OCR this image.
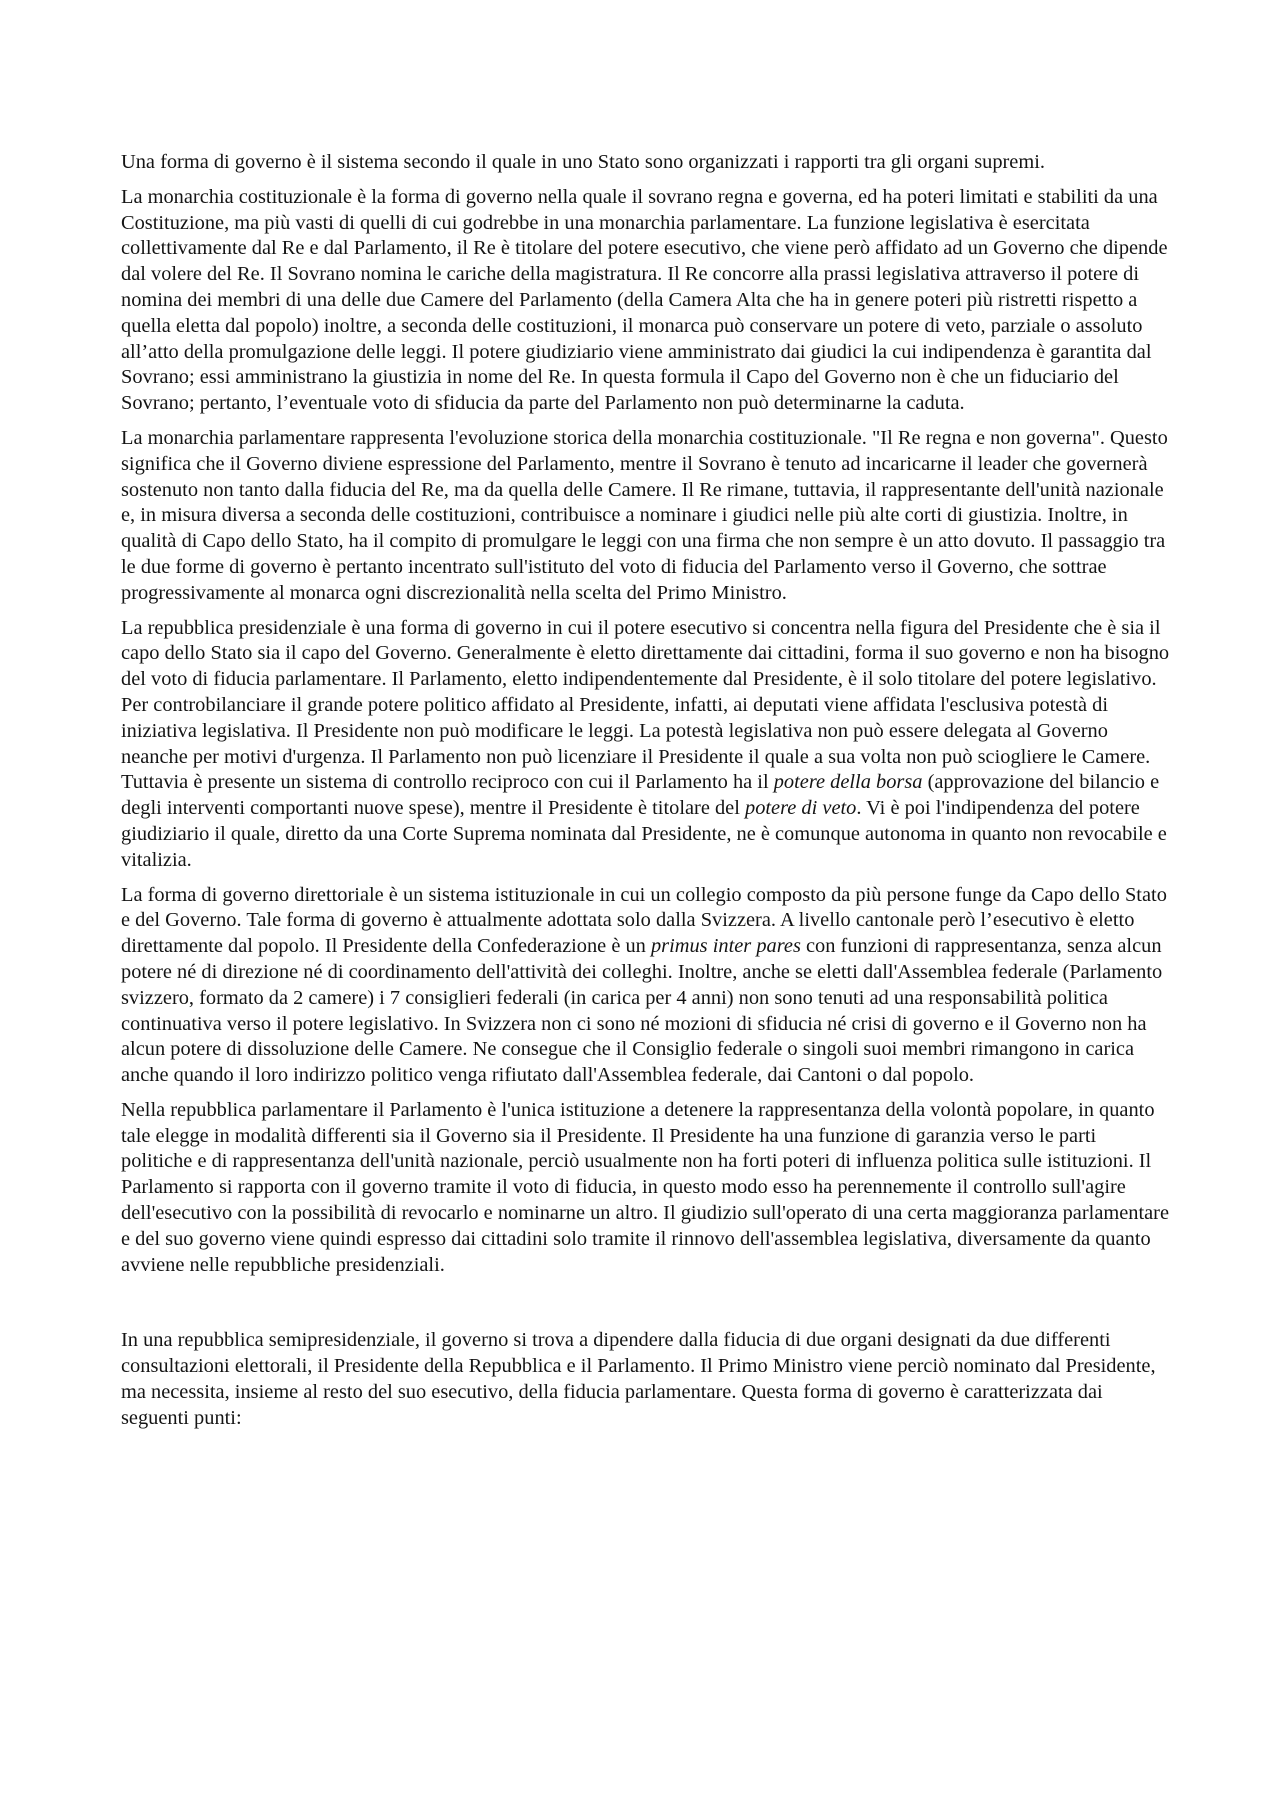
Una forma di governo è il sistema secondo il quale in uno Stato sono organizzati i rapporti tra gli organi supremi.

La monarchia costituzionale è la forma di governo nella quale il sovrano regna e governa, ed ha poteri limitati e stabiliti da una Costituzione, ma più vasti di quelli di cui godrebbe in una monarchia parlamentare. La funzione legislativa è esercitata collettivamente dal Re e dal Parlamento, il Re è titolare del potere esecutivo, che viene però affidato ad un Governo che dipende dal volere del Re. Il Sovrano nomina le cariche della magistratura. Il Re concorre alla prassi legislativa attraverso il potere di nomina dei membri di una delle due Camere del Parlamento (della Camera Alta che ha in genere poteri più ristretti rispetto a quella eletta dal popolo) inoltre, a seconda delle costituzioni, il monarca può conservare un potere di veto, parziale o assoluto all’atto della promulgazione delle leggi. Il potere giudiziario viene amministrato dai giudici la cui indipendenza è garantita dal Sovrano; essi amministrano la giustizia in nome del Re. In questa formula il Capo del Governo non è che un fiduciario del Sovrano; pertanto, l’eventuale voto di sfiducia da parte del Parlamento non può determinarne la caduta.

La monarchia parlamentare rappresenta l'evoluzione storica della monarchia costituzionale. "Il Re regna e non governa". Questo significa che il Governo diviene espressione del Parlamento, mentre il Sovrano è tenuto ad incaricarne il leader che governerà sostenuto non tanto dalla fiducia del Re, ma da quella delle Camere. Il Re rimane, tuttavia, il rappresentante dell'unità nazionale e, in misura diversa a seconda delle costituzioni, contribuisce a nominare i giudici nelle più alte corti di giustizia. Inoltre, in qualità di Capo dello Stato, ha il compito di promulgare le leggi con una firma che non sempre è un atto dovuto. Il passaggio tra le due forme di governo è pertanto incentrato sull'istituto del voto di fiducia del Parlamento verso il Governo, che sottrae progressivamente al monarca ogni discrezionalità nella scelta del Primo Ministro.

La repubblica presidenziale è una forma di governo in cui il potere esecutivo si concentra nella figura del Presidente che è sia il capo dello Stato sia il capo del Governo. Generalmente è eletto direttamente dai cittadini, forma il suo governo e non ha bisogno del voto di fiducia parlamentare. Il Parlamento, eletto indipendentemente dal Presidente, è il solo titolare del potere legislativo. Per controbilanciare il grande potere politico affidato al Presidente, infatti, ai deputati viene affidata l'esclusiva potestà di iniziativa legislativa. Il Presidente non può modificare le leggi. La potestà legislativa non può essere delegata al Governo neanche per motivi d'urgenza. Il Parlamento non può licenziare il Presidente il quale a sua volta non può sciogliere le Camere. Tuttavia è presente un sistema di controllo reciproco con cui il Parlamento ha il potere della borsa (approvazione del bilancio e degli interventi comportanti nuove spese), mentre il Presidente è titolare del potere di veto. Vi è poi l'indipendenza del potere giudiziario il quale, diretto da una Corte Suprema nominata dal Presidente, ne è comunque autonoma in quanto non revocabile e vitalizia.

La forma di governo direttoriale è un sistema istituzionale in cui un collegio composto da più persone funge da Capo dello Stato e del Governo. Tale forma di governo è attualmente adottata solo dalla Svizzera. A livello cantonale però l’esecutivo è eletto direttamente dal popolo. Il Presidente della Confederazione è un primus inter pares con funzioni di rappresentanza, senza alcun potere né di direzione né di coordinamento dell'attività dei colleghi. Inoltre, anche se eletti dall'Assemblea federale (Parlamento svizzero, formato da 2 camere) i 7 consiglieri federali (in carica per 4 anni) non sono tenuti ad una responsabilità politica continuativa verso il potere legislativo. In Svizzera non ci sono né mozioni di sfiducia né crisi di governo e il Governo non ha alcun potere di dissoluzione delle Camere. Ne consegue che il Consiglio federale o singoli suoi membri rimangono in carica anche quando il loro indirizzo politico venga rifiutato dall'Assemblea federale, dai Cantoni o dal popolo.

Nella repubblica parlamentare il Parlamento è l'unica istituzione a detenere la rappresentanza della volontà popolare, in quanto tale elegge in modalità differenti sia il Governo sia il Presidente. Il Presidente ha una funzione di garanzia verso le parti politiche e di rappresentanza dell'unità nazionale, perciò usualmente non ha forti poteri di influenza politica sulle istituzioni. Il Parlamento si rapporta con il governo tramite il voto di fiducia, in questo modo esso ha perennemente il controllo sull'agire dell'esecutivo con la possibilità di revocarlo e nominarne un altro. Il giudizio sull'operato di una certa maggioranza parlamentare e del suo governo viene quindi espresso dai cittadini solo tramite il rinnovo dell'assemblea legislativa, diversamente da quanto avviene nelle repubbliche presidenziali.

In una repubblica semipresidenziale, il governo si trova a dipendere dalla fiducia di due organi designati da due differenti consultazioni elettorali, il Presidente della Repubblica e il Parlamento. Il Primo Ministro viene perciò nominato dal Presidente, ma necessita, insieme al resto del suo esecutivo, della fiducia parlamentare. Questa forma di governo è caratterizzata dai seguenti punti:
